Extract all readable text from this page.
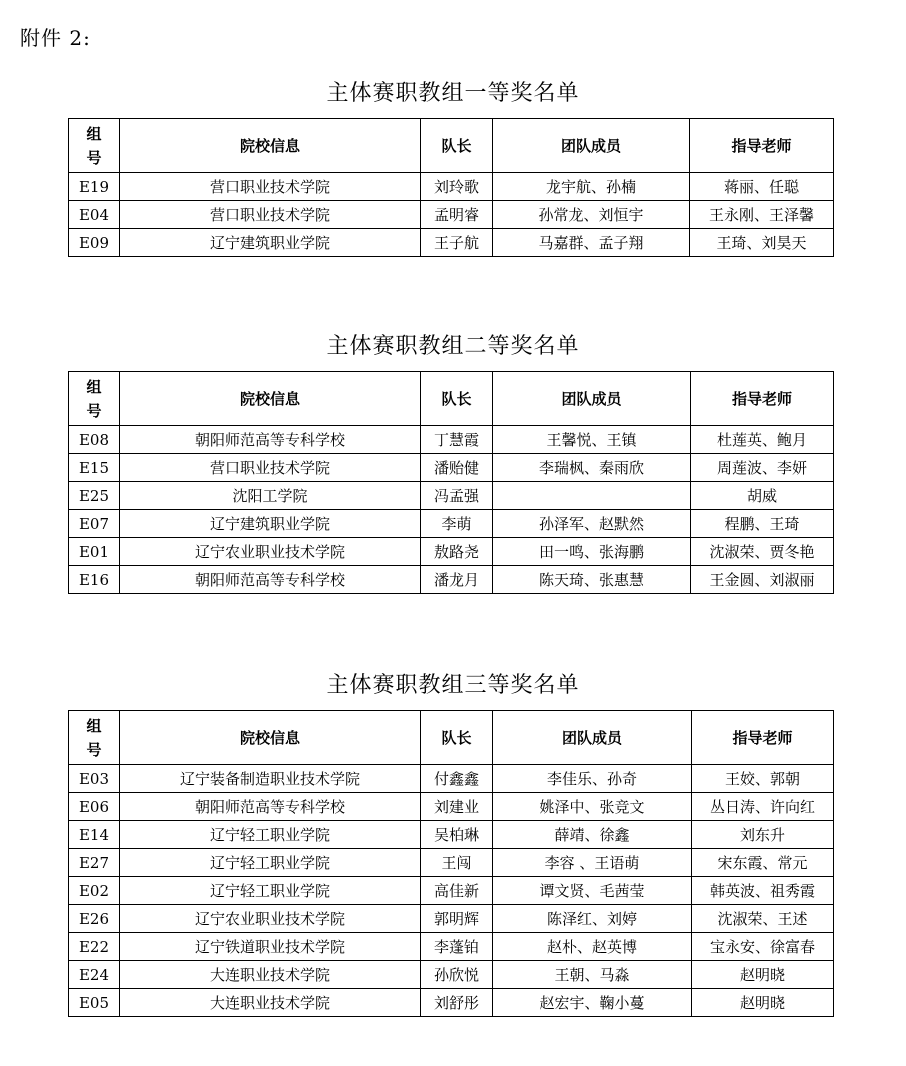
附件 2:
主体赛职教组一等奖名单
组
号	院校信息	队长	团队成员	指导老师
E19	营口职业技术学院	刘玲歌	龙宇航、孙楠	蒋丽、任聪
E04	营口职业技术学院	孟明睿	孙常龙、刘恒宇	王永刚、王泽馨
E09	辽宁建筑职业学院	王子航	马嘉群、孟子翔	王琦、刘昊天
主体赛职教组二等奖名单
组
号	院校信息	队长	团队成员	指导老师
E08	朝阳师范高等专科学校	丁慧霞	王馨悦、王镇	杜莲英、鲍月
E15	营口职业技术学院	潘贻健	李瑞枫、秦雨欣	周莲波、李妍
E25	沈阳工学院	冯孟强		胡威
E07	辽宁建筑职业学院	李萌	孙泽军、赵默然	程鹏、王琦
E01	辽宁农业职业技术学院	敖路尧	田一鸣、张海鹏	沈淑荣、贾冬艳
E16	朝阳师范高等专科学校	潘龙月	陈天琦、张惠慧	王金圆、刘淑丽
主体赛职教组三等奖名单
组
号	院校信息	队长	团队成员	指导老师
E03	辽宁装备制造职业技术学院	付鑫鑫	李佳乐、孙奇	王姣、郭朝
E06	朝阳师范高等专科学校	刘建业	姚泽中、张竞文	丛日涛、许向红
E14	辽宁轻工职业学院	吴柏琳	薛靖、徐鑫	刘东升
E27	辽宁轻工职业学院	王闯	李容 、王语萌	宋东霞、常元
E02	辽宁轻工职业学院	高佳新	谭文贤、毛茜莹	韩英波、祖秀霞
E26	辽宁农业职业技术学院	郭明辉	陈泽红、刘婷	沈淑荣、王述
E22	辽宁铁道职业技术学院	李蓬铂	赵朴、赵英博	宝永安、徐富春
E24	大连职业技术学院	孙欣悦	王朝、马淼	赵明晓
E05	大连职业技术学院	刘舒彤	赵宏宇、鞠小蔓	赵明晓
